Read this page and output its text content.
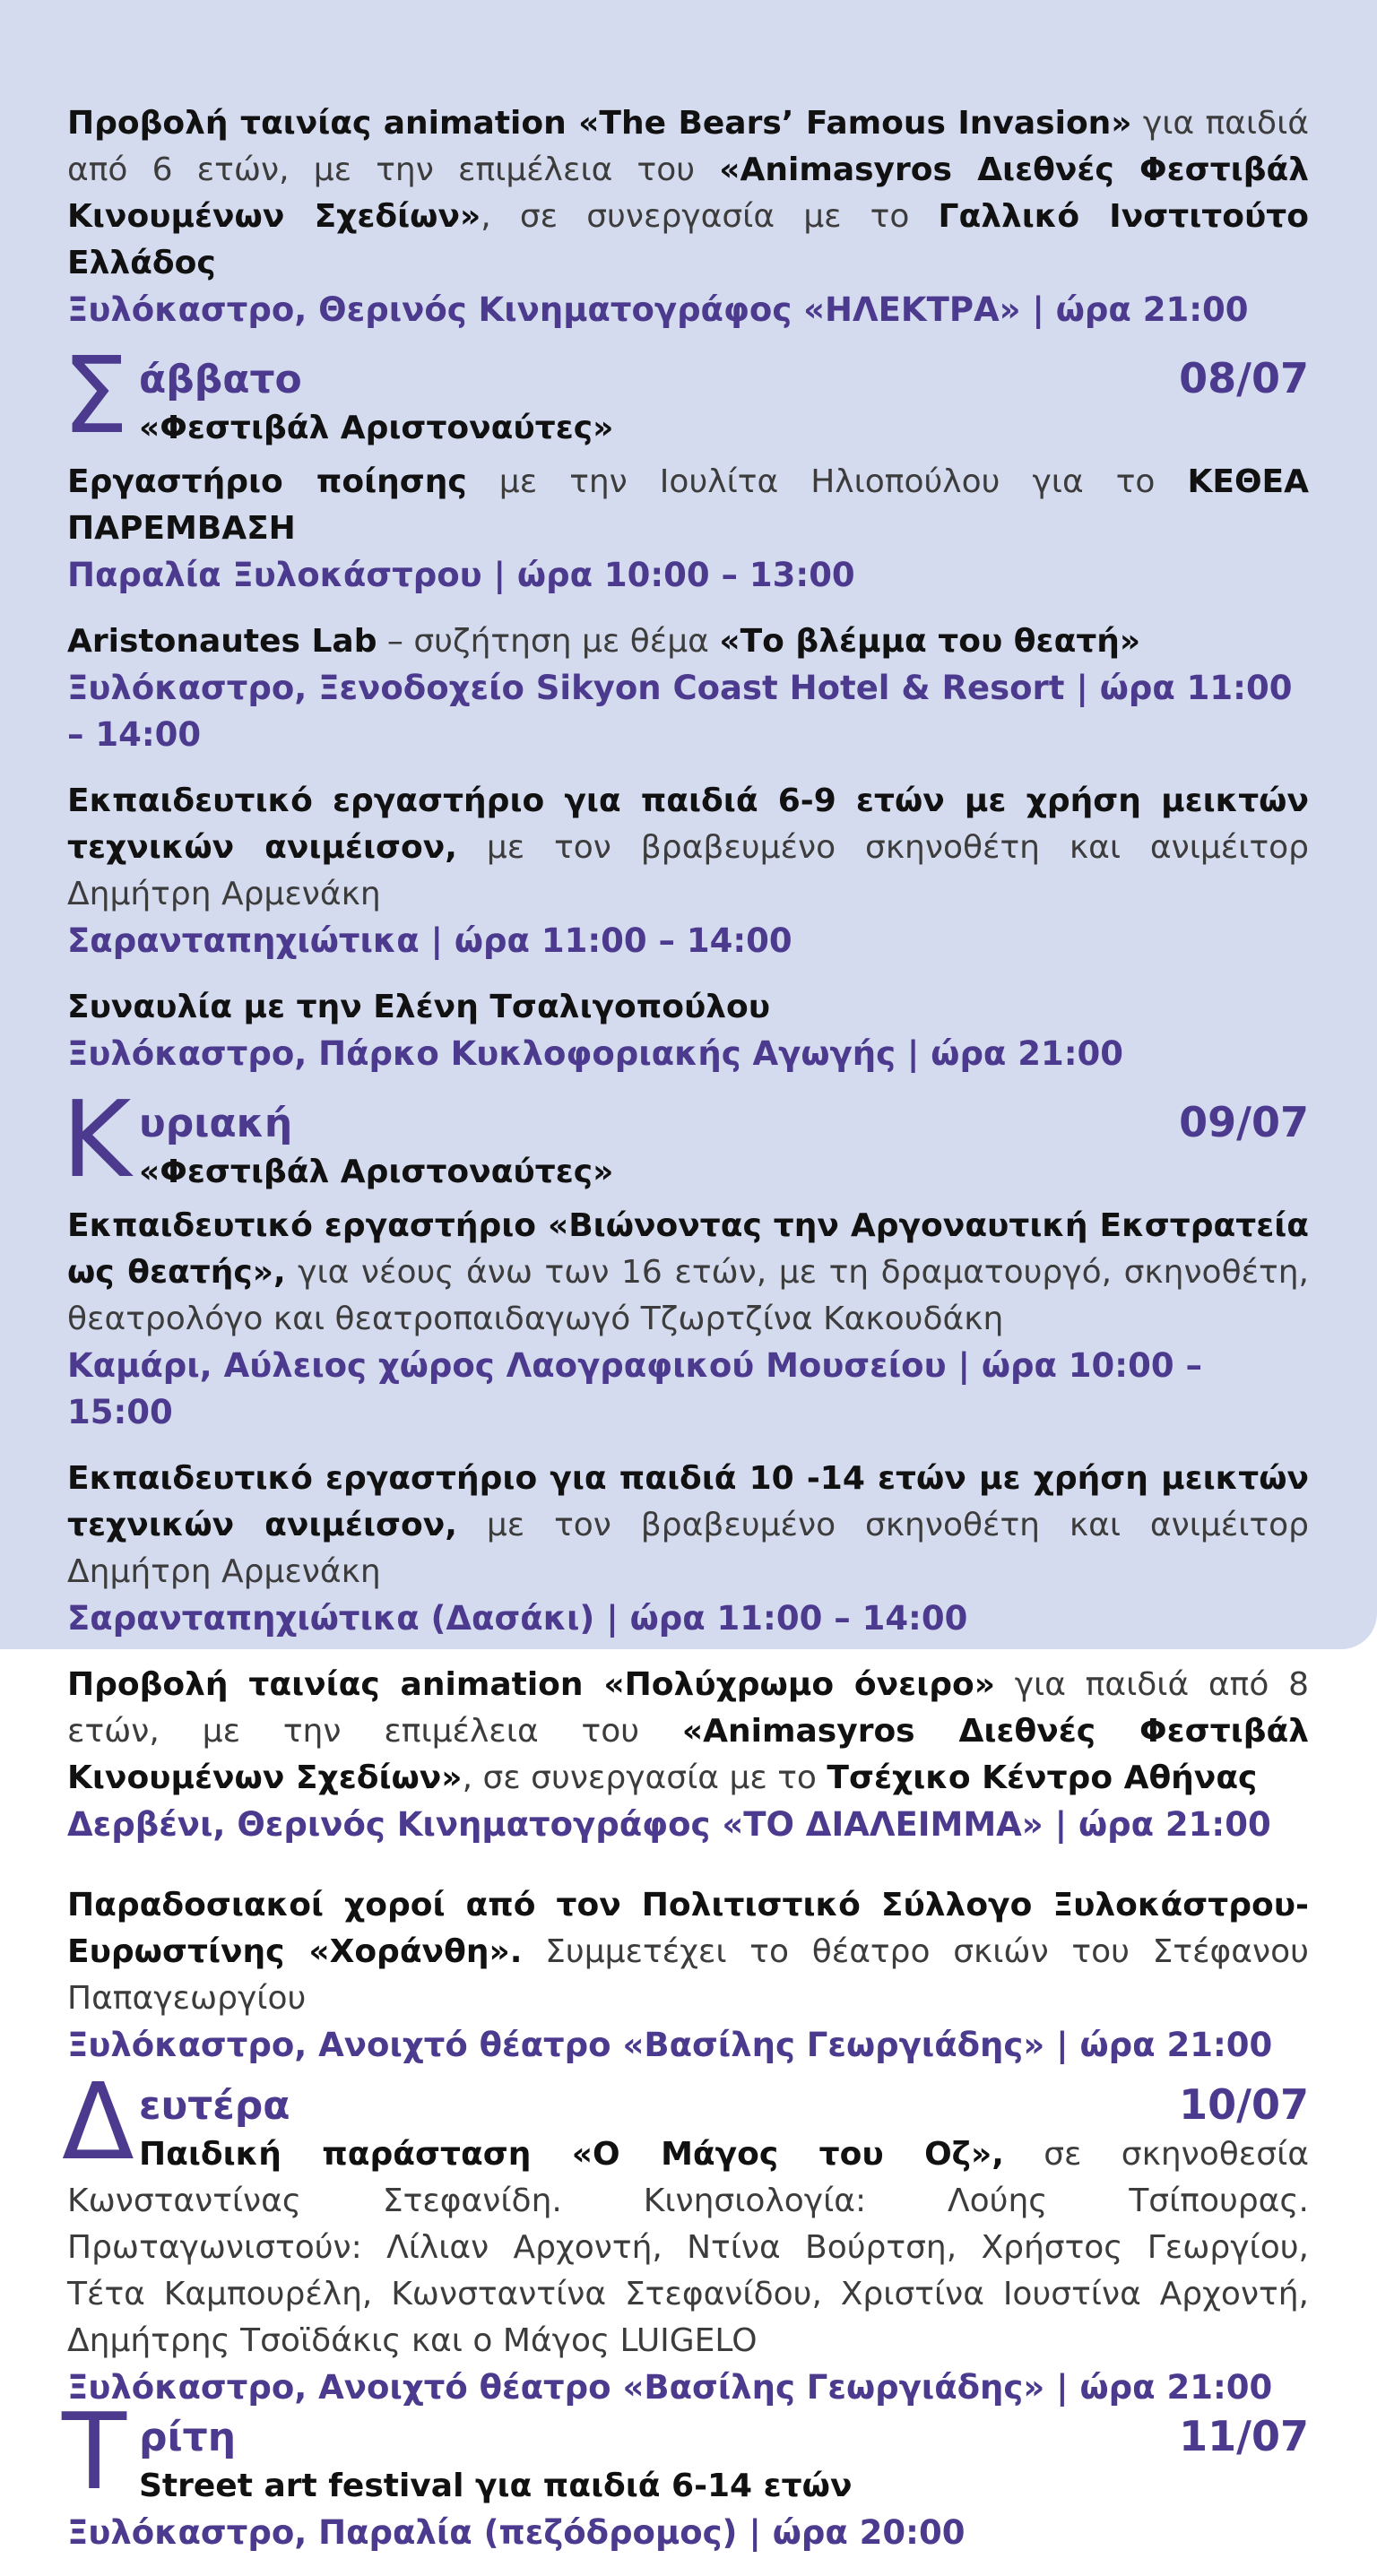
Προβολή ταινίας animation «The Bears’ Famous Invasion» για παιδιά από 6 ετών, με την επιμέλεια του «Animasyros Διεθνές Φεστιβάλ Κινουμένων Σχεδίων», σε συνεργασία με το Γαλλικό Ινστιτούτο Ελλάδος
Ξυλόκαστρο, Θερινός Κινηματογράφος «ΗΛΕΚΤΡΑ» | ώρα 21:00
Σ άββατο	08/07
«Φεστιβάλ Αριστοναύτες»
Εργαστήριο ποίησης με την Ιουλίτα Ηλιοπούλου για το ΚΕΘΕΑ ΠΑΡΕΜΒΑΣΗ
Παραλία Ξυλοκάστρου | ώρα 10:00 – 13:00
Aristonautes Lab – συζήτηση με θέμα «Το βλέμμα του θεατή»
Ξυλόκαστρο, Ξενοδοχείο Sikyon Coast Hotel & Resort | ώρα 11:00 – 14:00
Εκπαιδευτικό εργαστήριο για παιδιά 6-9 ετών με χρήση μεικτών τεχνικών ανιμέισον, με τον βραβευμένο σκηνοθέτη και ανιμέιτορ Δημήτρη Αρμενάκη
Σαρανταπηχιώτικα | ώρα 11:00 – 14:00
Συναυλία με την Ελένη Τσαλιγοπούλου
Ξυλόκαστρο, Πάρκο Κυκλοφοριακής Αγωγής | ώρα 21:00
Κ υριακή	09/07
«Φεστιβάλ Αριστοναύτες»
Εκπαιδευτικό εργαστήριο «Βιώνοντας την Αργοναυτική Εκστρατεία ως θεατής», για νέους άνω των 16 ετών, με τη δραματουργό, σκηνοθέτη, θεατρολόγο και θεατροπαιδαγωγό Τζωρτζίνα Κακουδάκη
Καμάρι, Αύλειος χώρος Λαογραφικού Μουσείου | ώρα 10:00 – 15:00
Εκπαιδευτικό εργαστήριο για παιδιά 10 -14 ετών με χρήση μεικτών τεχνικών ανιμέισον, με τον βραβευμένο σκηνοθέτη και ανιμέιτορ Δημήτρη Αρμενάκη
Σαρανταπηχιώτικα (Δασάκι) | ώρα 11:00 – 14:00
Προβολή ταινίας animation «Πολύχρωμο όνειρο» για παιδιά από 8 ετών, με την επιμέλεια του «Animasyros Διεθνές Φεστιβάλ Κινουμένων Σχεδίων», σε συνεργασία με το Τσέχικο Κέντρο Αθήνας
Δερβένι, Θερινός Κινηματογράφος «ΤΟ ΔΙΑΛΕΙΜΜΑ» | ώρα 21:00
Παραδοσιακοί χοροί από τον Πολιτιστικό Σύλλογο Ξυλοκάστρου-Ευρωστίνης «Χοράνθη». Συμμετέχει το θέατρο σκιών του Στέφανου Παπαγεωργίου
Ξυλόκαστρο, Ανοιχτό θέατρο «Βασίλης Γεωργιάδης» | ώρα 21:00
Δ ευτέρα	10/07
Παιδική παράσταση «Ο Μάγος του Οζ», σε σκηνοθεσία Κωνσταντίνας Στεφανίδη. Κινησιολογία: Λούης Τσίπουρας. Πρωταγωνιστούν: Λίλιαν Αρχοντή, Ντίνα Βούρτση, Χρήστος Γεωργίου, Τέτα Καμπουρέλη, Κωνσταντίνα Στεφανίδου, Χριστίνα Ιουστίνα Αρχοντή, Δημήτρης Τσοϊδάκις και ο Μάγος LUIGELO
Ξυλόκαστρο, Ανοιχτό θέατρο «Βασίλης Γεωργιάδης» | ώρα 21:00
Τ ρίτη	11/07
Street art festival για παιδιά 6-14 ετών
Ξυλόκαστρο, Παραλία (πεζόδρομος) | ώρα 20:00
